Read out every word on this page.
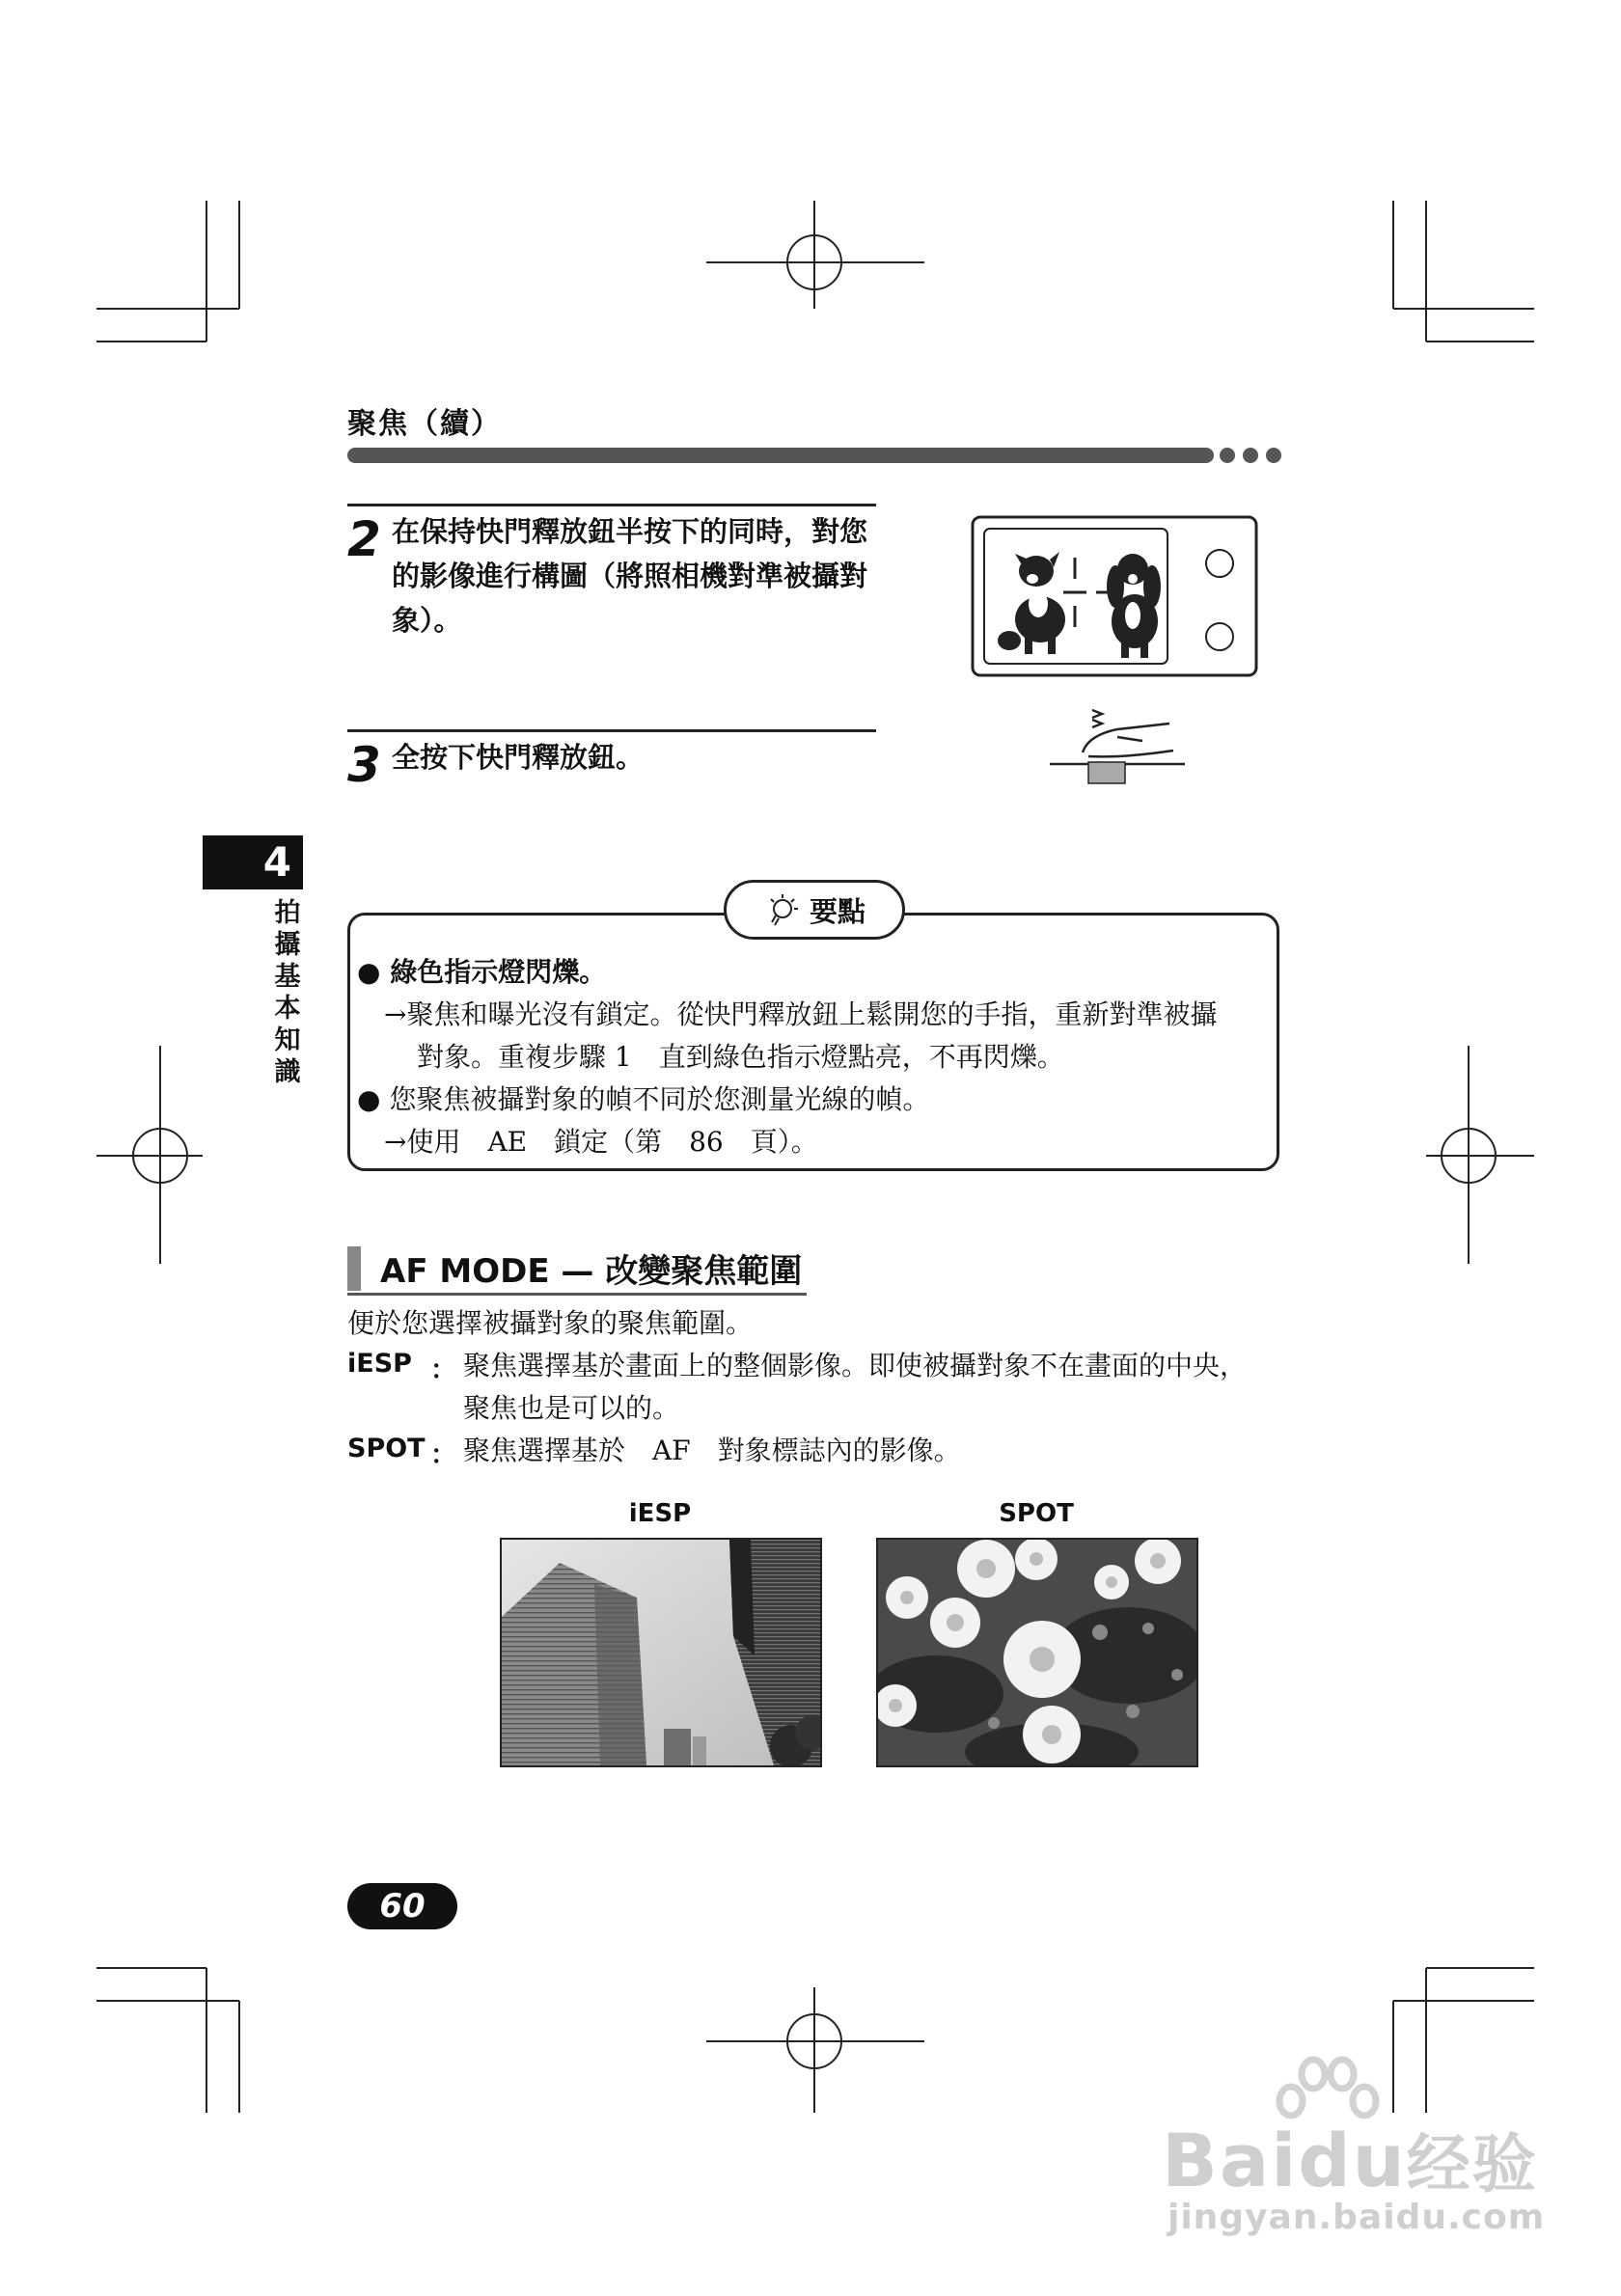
聚焦（續）
2 在保持快門釋放鈕半按下的同時，對您
的影像進行構圖（將照相機對準被攝對
象）。
3 全按下快門釋放鈕。
4
拍
攝
基
本
知
識
要點
● 綠色指示燈閃爍。
→聚焦和曝光沒有鎖定。從快門釋放鈕上鬆開您的手指，重新對準被攝
對象。重複步驟 1　直到綠色指示燈點亮，不再閃爍。
● 您聚焦被攝對象的幀不同於您測量光線的幀。
→使用　AE　鎖定（第　86　頁）。
AF MODE — 改變聚焦範圍
便於您選擇被攝對象的聚焦範圍。
iESP ： 聚焦選擇基於畫面上的整個影像。即使被攝對象不在畫面的中央，
聚焦也是可以的。
SPOT ： 聚焦選擇基於　AF　對象標誌內的影像。
iESP	SPOT
60
Baidu经验
jingyan.baidu.com
